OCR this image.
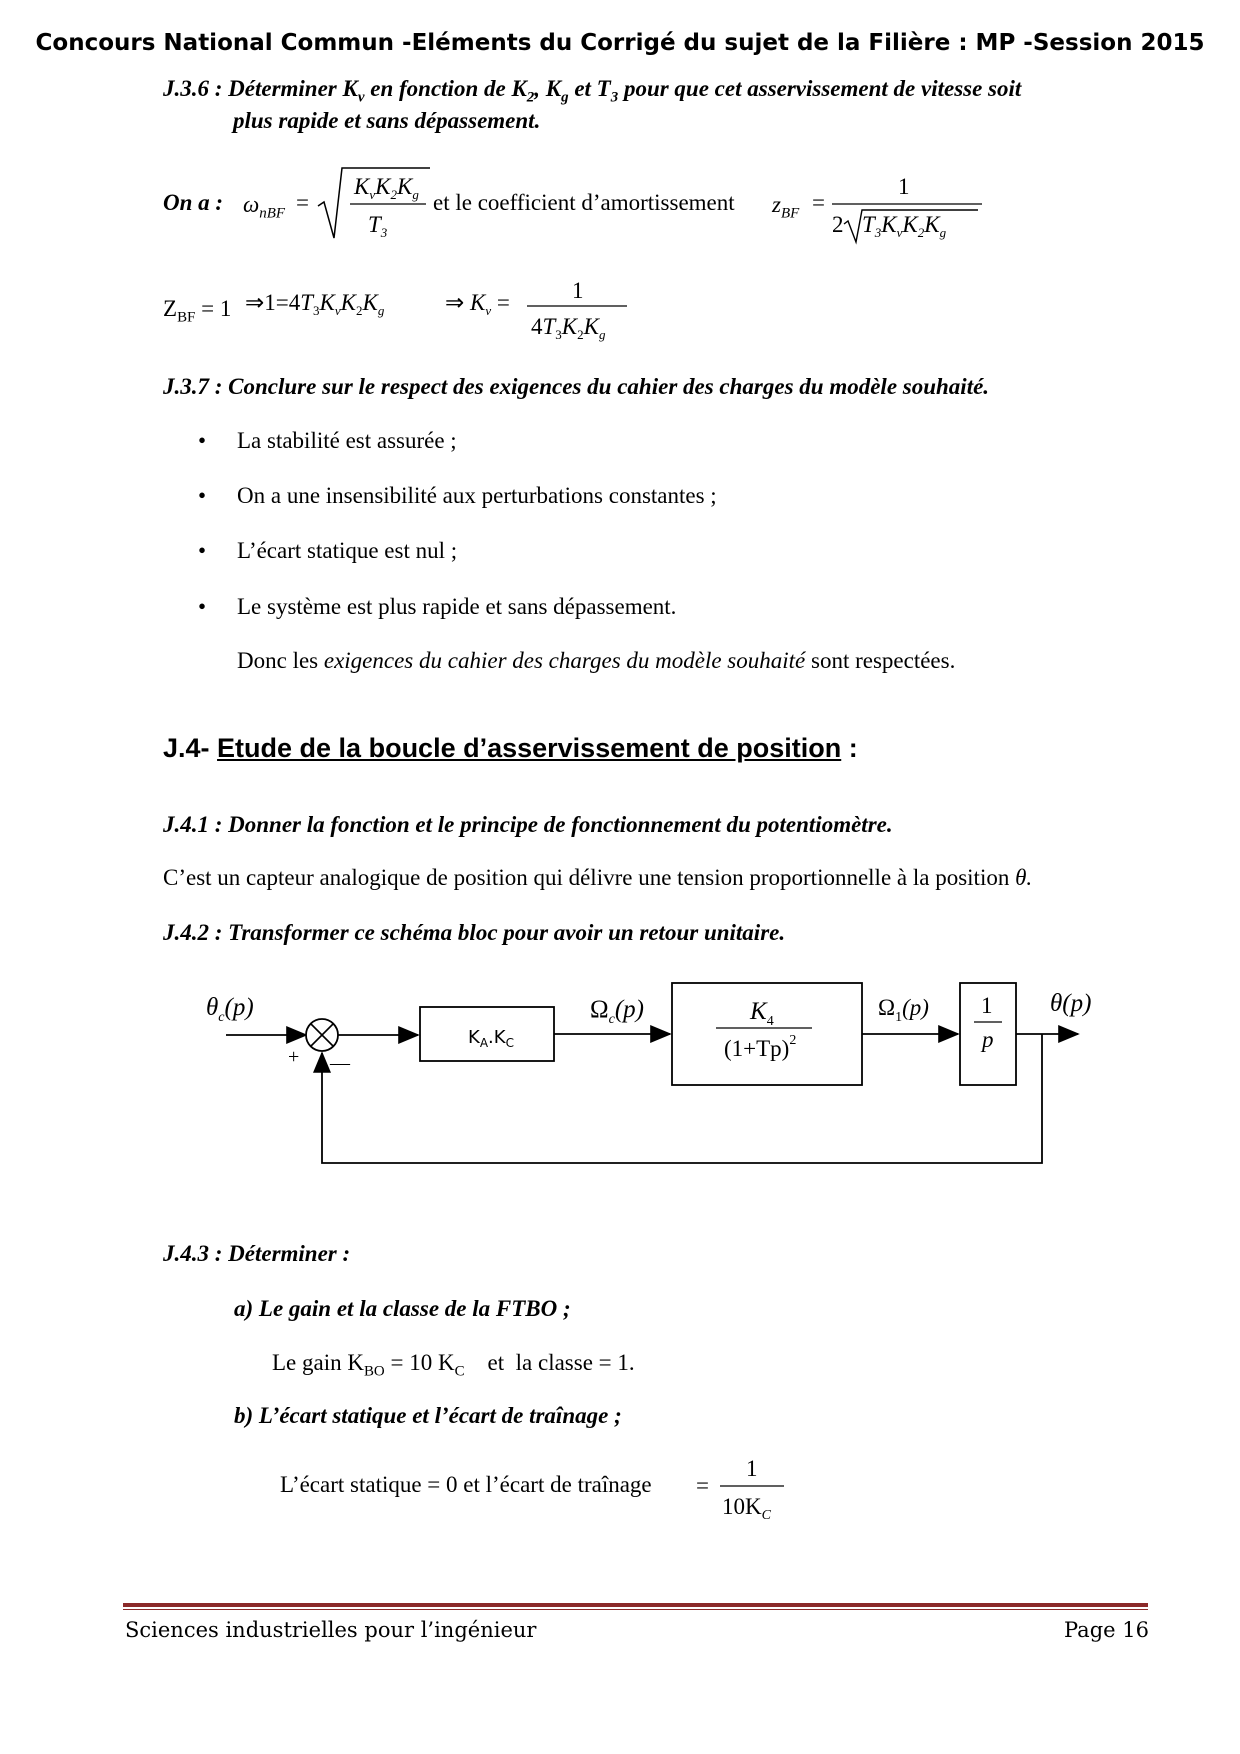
Concours National Commun -Eléments du Corrigé du sujet de la Filière : MP -Session 2015
J.3.6 : Déterminer $K_v$ en fonction de $K_2$, $K_g$ et $T_3$ pour que cet asservissement de vitesse soit
plus rapide et sans dépassement.
On a : $\omega_{nBF}$ =
$K_vK_2K_g$
$T_3$
et le coefficient d’amortissement $z_{BF}$ =
1
2 $T_3K_vK_2K_g$
$Z_{BF} = 1$ $\Rightarrow 1=4T_3K_vK_2K_g$	⇒ $K_v$ =	1
$4T_3K_2K_g$
J.3.7 : Conclure sur le respect des exigences du cahier des charges du modèle souhaité.
• La stabilité est assurée ;
• On a une insensibilité aux perturbations constantes ;
• L’écart statique est nul ;
• Le système est plus rapide et sans dépassement.
Donc les exigences du cahier des charges du modèle souhaité sont respectées.
J.4- Etude de la boucle d’asservissement de position :
J.4.1 : Donner la fonction et le principe de fonctionnement du potentiomètre.
C’est un capteur analogique de position qui délivre une tension proportionnelle à la position θ.
J.4.2 : Transformer ce schéma bloc pour avoir un retour unitaire.
$\theta_c(p)$
+ —
$K_A.K_C$
$\Omega_c(p)$	$K_4$
$(1+Tp)^2$
$\Omega_1(p)$ 1
p
θ(p)
J.4.3 : Déterminer :
a) Le gain et la classe de la FTBO ;
Le gain $K_{BO} = 10$ $K_C$    et  la classe = 1.
b) L’écart statique et l’écart de traînage ;
L’écart statique = 0 et l’écart de traînage =
1
$10K_C$
Sciences industrielles pour l’ingénieur	Page 16
